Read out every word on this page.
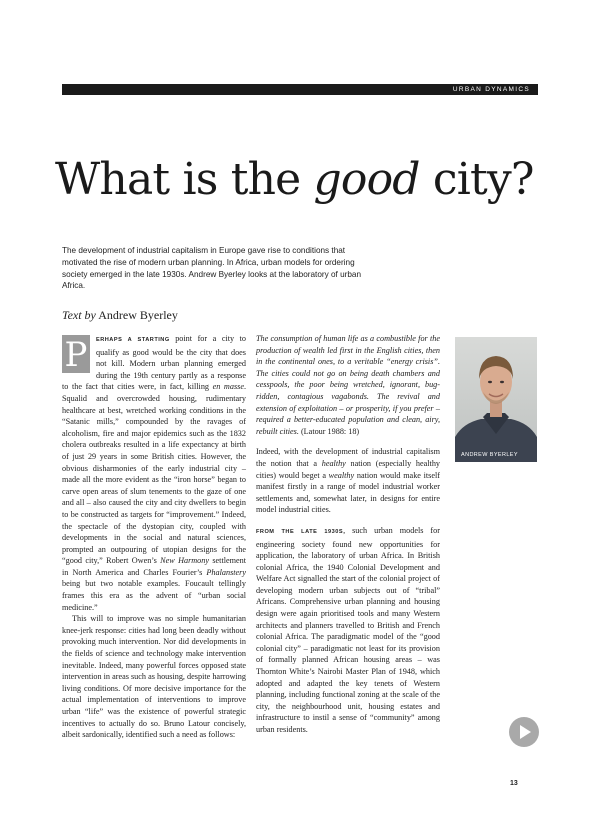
URBAN DYNAMICS
What is the good city?

The development of industrial capitalism in Europe gave rise to conditions that motivated the rise of modern urban planning. In Africa, urban models for ordering society emerged in the late 1930s. Andrew Byerley looks at the laboratory of urban Africa.

Text by Andrew Byerley

P	ERHAPS A STARTING point for a city to qualify as good would be the city that does not kill. Modern urban planning emerged during the 19th century partly as a response to the fact that cities were, in fact, killing en masse. Squalid and overcrowded housing, rudimentary healthcare at best, wretched working conditions in the “Satanic mills,” compounded by the ravages of alcoholism, fire and major epidemics such as the 1832 cholera outbreaks resulted in a life expectancy at birth of just 29 years in some British cities. However, the obvious disharmonies of the early industrial city – made all the more evident as the “iron horse” began to carve open areas of slum tenements to the gaze of one and all – also caused the city and city dwellers to begin to be constructed as targets for “improvement.” Indeed, the spectacle of the dystopian city, coupled with developments in the social and natural sciences, prompted an outpouring of utopian designs for the “good city,” Robert Owen’s New Harmony settlement in North America and Charles Fourier’s Phalanstery being but two notable examples. Foucault tellingly frames this era as the advent of “urban social medicine.”

This will to improve was no simple humanitarian knee-jerk response: cities had long been deadly without provoking much intervention. Nor did developments in the fields of science and technology make intervention inevitable. Indeed, many powerful forces opposed state intervention in areas such as housing, despite harrowing living conditions. Of more decisive importance for the actual implementation of interventions to improve urban “life” was the existence of powerful strategic incentives to actually do so. Bruno Latour concisely, albeit sardonically, identified such a need as follows:

The consumption of human life as a combustible for the production of wealth led first in the English cities, then in the continental ones, to a veritable “energy crisis”. The cities could not go on being death chambers and cesspools, the poor being wretched, ignorant, bug-ridden, contagious vagabonds. The revival and extension of exploitation – or prosperity, if you prefer – required a better-educated population and clean, airy, rebuilt cities. (Latour 1988: 18)

Indeed, with the development of industrial capitalism the notion that a healthy nation (especially healthy cities) would beget a wealthy nation would make itself manifest firstly in a range of model industrial worker settlements and, somewhat later, in designs for entire model industrial cities.

FROM THE LATE 1930S, such urban models for engineering society found new opportunities for application, the laboratory of urban Africa. In British colonial Africa, the 1940 Colonial Development and Welfare Act signalled the start of the colonial project of developing modern urban subjects out of “tribal” Africans. Comprehensive urban planning and housing design were again prioritised tools and many Western architects and planners travelled to British and French colonial Africa. The paradigmatic model of the “good colonial city” – paradigmatic not least for its provision of formally planned African housing areas – was Thornton White’s Nairobi Master Plan of 1948, which adopted and adapted the key tenets of Western planning, including functional zoning at the scale of the city, the neighbourhood unit, housing estates and infrastructure to instil a sense of “community” among urban residents.

ANDREW BYERLEY
13
